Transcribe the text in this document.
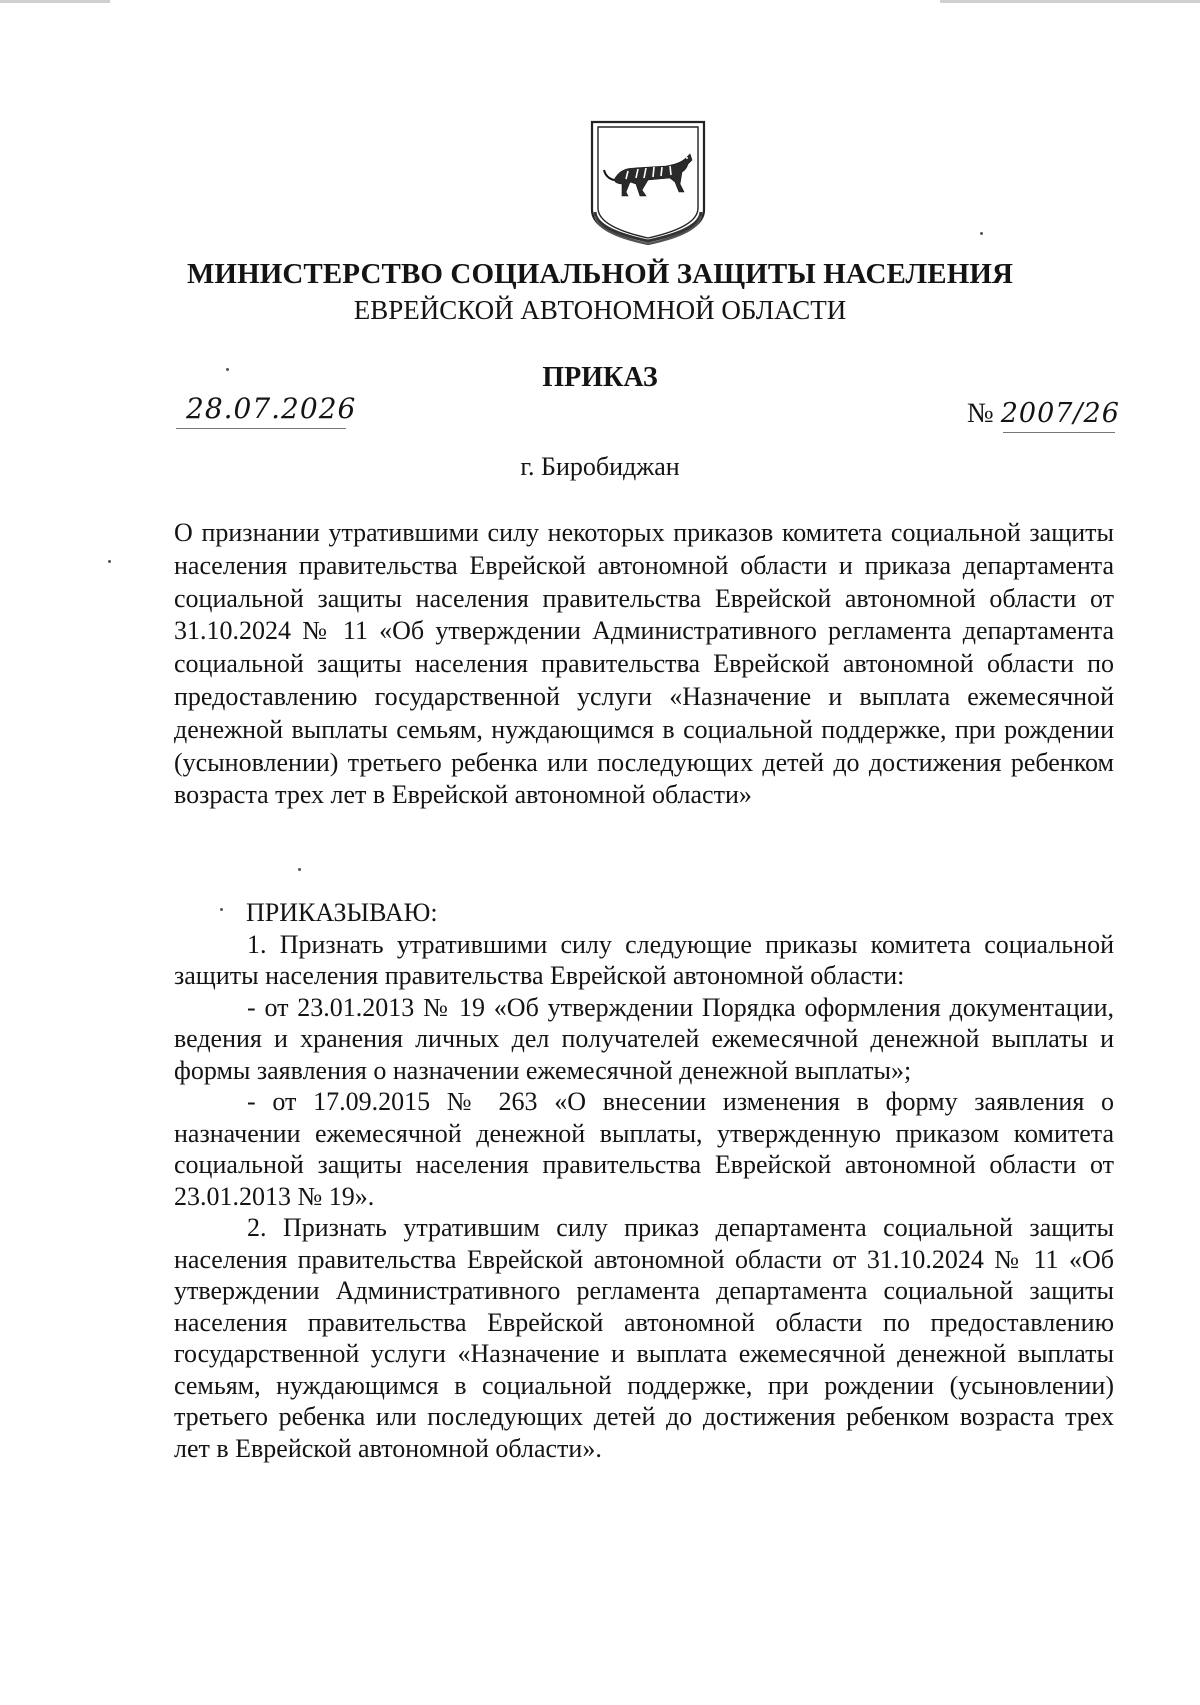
МИНИСТЕРСТВО СОЦИАЛЬНОЙ ЗАЩИТЫ НАСЕЛЕНИЯ
ЕВРЕЙСКОЙ АВТОНОМНОЙ ОБЛАСТИ
ПРИКАЗ
28.07.2026	№ 2007/26
г. Биробиджан
О признании утратившими силу некоторых приказов комитета социальной защиты населения правительства Еврейской автономной области и приказа департамента социальной защиты населения правительства Еврейской автономной области от 31.10.2024 № 11 «Об утверждении Административного регламента департамента социальной защиты населения правительства Еврейской автономной области по предоставлению государственной услуги «Назначение и выплата ежемесячной денежной выплаты семьям, нуждающимся в социальной поддержке, при рождении (усыновлении) третьего ребенка или последующих детей до достижения ребенком возраста трех лет в Еврейской автономной области»

ПРИКАЗЫВАЮ:

1. Признать утратившими силу следующие приказы комитета социальной защиты населения правительства Еврейской автономной области:

- от 23.01.2013 № 19 «Об утверждении Порядка оформления документации, ведения и хранения личных дел получателей ежемесячной денежной выплаты и формы заявления о назначении ежемесячной денежной выплаты»;

- от 17.09.2015 № 263 «О внесении изменения в форму заявления о назначении ежемесячной денежной выплаты, утвержденную приказом комитета социальной защиты населения правительства Еврейской автономной области от 23.01.2013 № 19».

2. Признать утратившим силу приказ департамента социальной защиты населения правительства Еврейской автономной области от 31.10.2024 № 11 «Об утверждении Административного регламента департамента социальной защиты населения правительства Еврейской автономной области по предоставлению государственной услуги «Назначение и выплата ежемесячной денежной выплаты семьям, нуждающимся в социальной поддержке, при рождении (усыновлении) третьего ребенка или последующих детей до достижения ребенком возраста трех лет в Еврейской автономной области».
